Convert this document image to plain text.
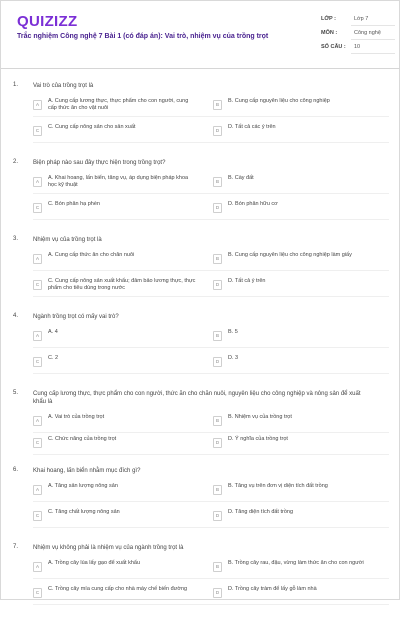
QUIZIZZ
Trắc nghiệm Công nghệ 7 Bài 1 (có đáp án): Vai trò, nhiệm vụ của trồng trọt
LỚP :	Lớp 7
MÔN :	Công nghệ
SỐ CÂU : 10
1. Vai trò của trồng trọt là
A
A. Cung cấp lương thực, thực phẩm cho con người, cung cấp thức ăn cho vật nuôi
B
B. Cung cấp nguyên liệu cho công nghiệp
C
C. Cung cấp nông sản cho sản xuất
D
D. Tất cả các ý trên
2. Biện pháp nào sau đây thực hiện trong trồng trọt?
A
A. Khai hoang, lấn biển, tăng vụ, áp dụng biện pháp khoa học kỹ thuật
B
B. Cày đất
C
C. Bón phân hạ phèn
D
D. Bón phân hữu cơ
3. Nhiệm vụ của trồng trọt là
A
A. Cung cấp thức ăn cho chăn nuôi
B
B. Cung cấp nguyên liệu cho công nghiệp làm giấy
C
C. Cung cấp nông sản xuất khẩu; đảm bảo lương thực, thực phẩm cho tiêu dùng trong nước
D
D. Tất cả ý trên
4. Ngành trồng trọt có mấy vai trò?
A
A. 4
B
B. 5
C
C. 2
D
D. 3
5. Cung cấp lương thực, thực phẩm cho con người, thức ăn cho chăn nuôi, nguyên liệu cho công nghiệp và nông sản để xuất khẩu là
A
A. Vai trò của trồng trọt
B
B. Nhiệm vụ của trồng trọt
C
C. Chức năng của trồng trọt
D
D. Ý nghĩa của trồng trọt
6. Khai hoang, lấn biển nhằm mục đích gì?
A
A. Tăng sản lượng nông sản
B
B. Tăng vụ trên đơn vị diện tích đất trồng
C
C. Tăng chất lượng nông sản
D
D. Tăng diện tích đất trồng
7. Nhiệm vụ không phải là nhiệm vụ của ngành trồng trọt là
A
A. Trồng cây lúa lấy gạo để xuất khẩu
B
B. Trồng cây rau, đậu, vừng làm thức ăn cho con người
C
C. Trồng cây mía cung cấp cho nhà máy chế biến đường
D
D. Trồng cây tràm để lấy gỗ làm nhà
